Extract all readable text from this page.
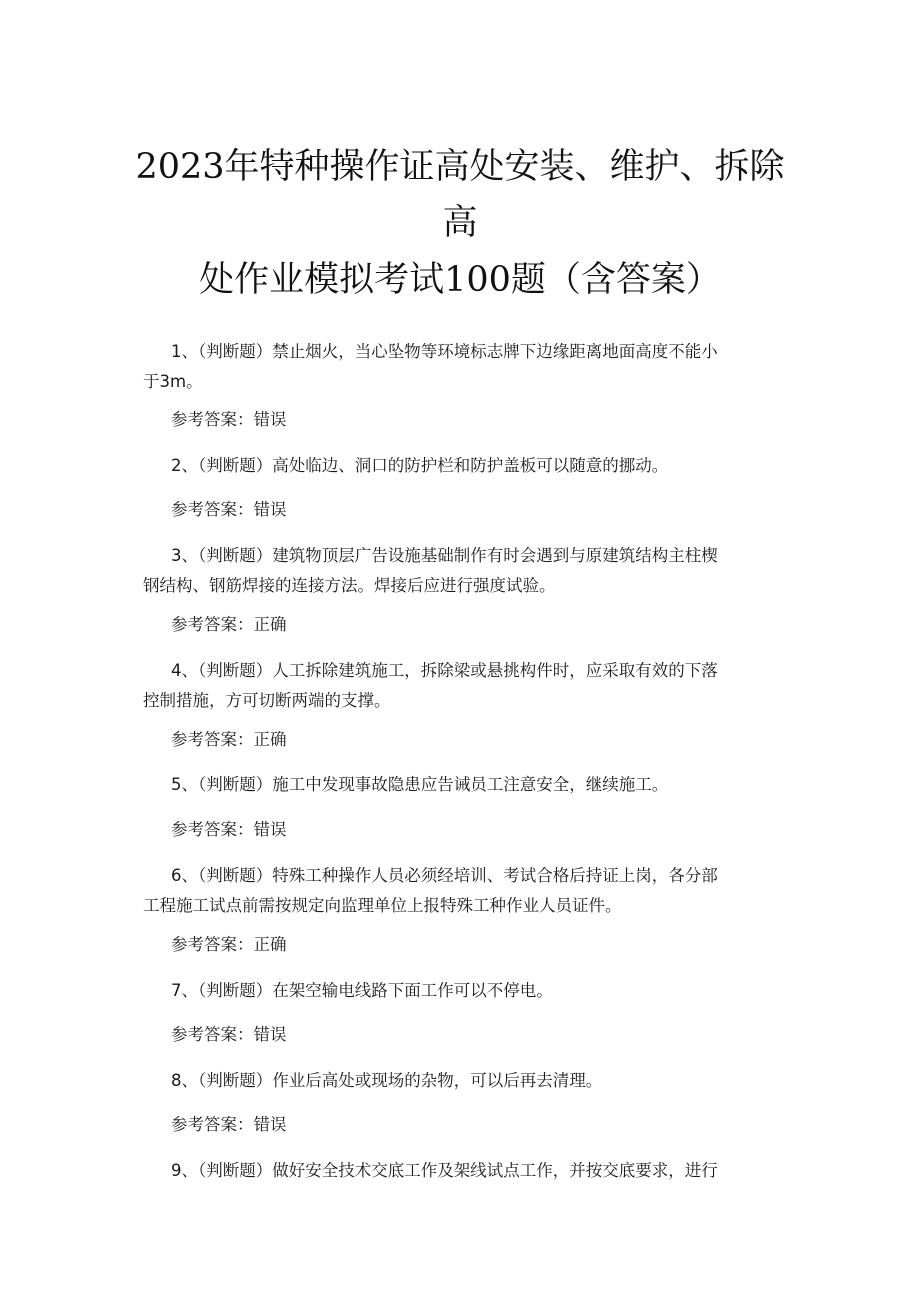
2023年特种操作证高处安装、维护、拆除
高
处作业模拟考试100题（含答案）
1、（判断题）禁止烟火，当心坠物等环境标志牌下边缘距离地面高度不能小
于3m。
参考答案：错误
2、（判断题）高处临边、洞口的防护栏和防护盖板可以随意的挪动。
参考答案：错误
3、（判断题）建筑物顶层广告设施基础制作有时会遇到与原建筑结构主柱楔
钢结构、钢筋焊接的连接方法。焊接后应进行强度试验。
参考答案：正确
4、（判断题）人工拆除建筑施工，拆除梁或悬挑构件时，应采取有效的下落
控制措施，方可切断两端的支撑。
参考答案：正确
5、（判断题）施工中发现事故隐患应告诫员工注意安全，继续施工。
参考答案：错误
6、（判断题）特殊工种操作人员必须经培训、考试合格后持证上岗，各分部
工程施工试点前需按规定向监理单位上报特殊工种作业人员证件。
参考答案：正确
7、（判断题）在架空输电线路下面工作可以不停电。
参考答案：错误
8、（判断题）作业后高处或现场的杂物，可以后再去清理。
参考答案：错误
9、（判断题）做好安全技术交底工作及架线试点工作，并按交底要求，进行
